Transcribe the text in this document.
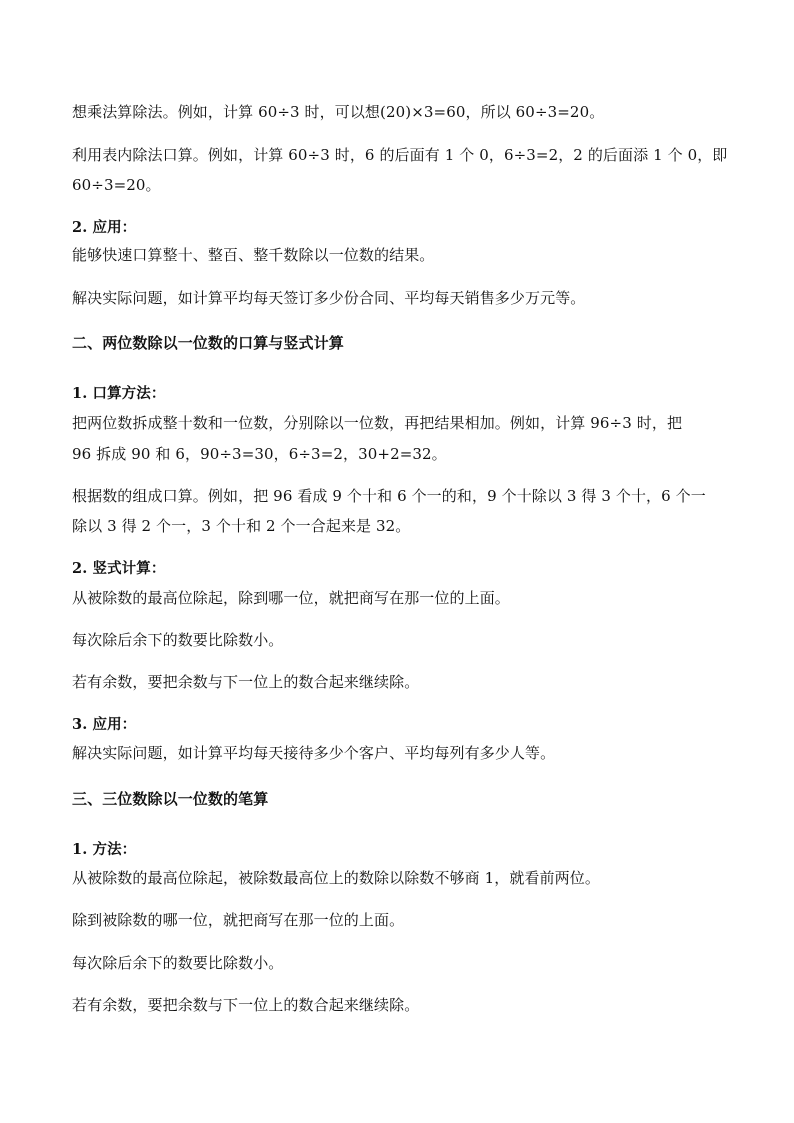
想乘法算除法。例如，计算 60÷3 时，可以想(20)×3=60，所以 60÷3=20。
利用表内除法口算。例如，计算 60÷3 时，6 的后面有 1 个 0，6÷3=2，2 的后面添 1 个 0，即
60÷3=20。
2. 应用：
能够快速口算整十、整百、整千数除以一位数的结果。
解决实际问题，如计算平均每天签订多少份合同、平均每天销售多少万元等。
二、两位数除以一位数的口算与竖式计算
1. 口算方法：
把两位数拆成整十数和一位数，分别除以一位数，再把结果相加。例如，计算 96÷3 时，把
96 拆成 90 和 6，90÷3=30，6÷3=2，30+2=32。
根据数的组成口算。例如，把 96 看成 9 个十和 6 个一的和，9 个十除以 3 得 3 个十，6 个一
除以 3 得 2 个一，3 个十和 2 个一合起来是 32。
2. 竖式计算：
从被除数的最高位除起，除到哪一位，就把商写在那一位的上面。
每次除后余下的数要比除数小。
若有余数，要把余数与下一位上的数合起来继续除。
3. 应用：
解决实际问题，如计算平均每天接待多少个客户、平均每列有多少人等。
三、三位数除以一位数的笔算
1. 方法：
从被除数的最高位除起，被除数最高位上的数除以除数不够商 1，就看前两位。
除到被除数的哪一位，就把商写在那一位的上面。
每次除后余下的数要比除数小。
若有余数，要把余数与下一位上的数合起来继续除。
